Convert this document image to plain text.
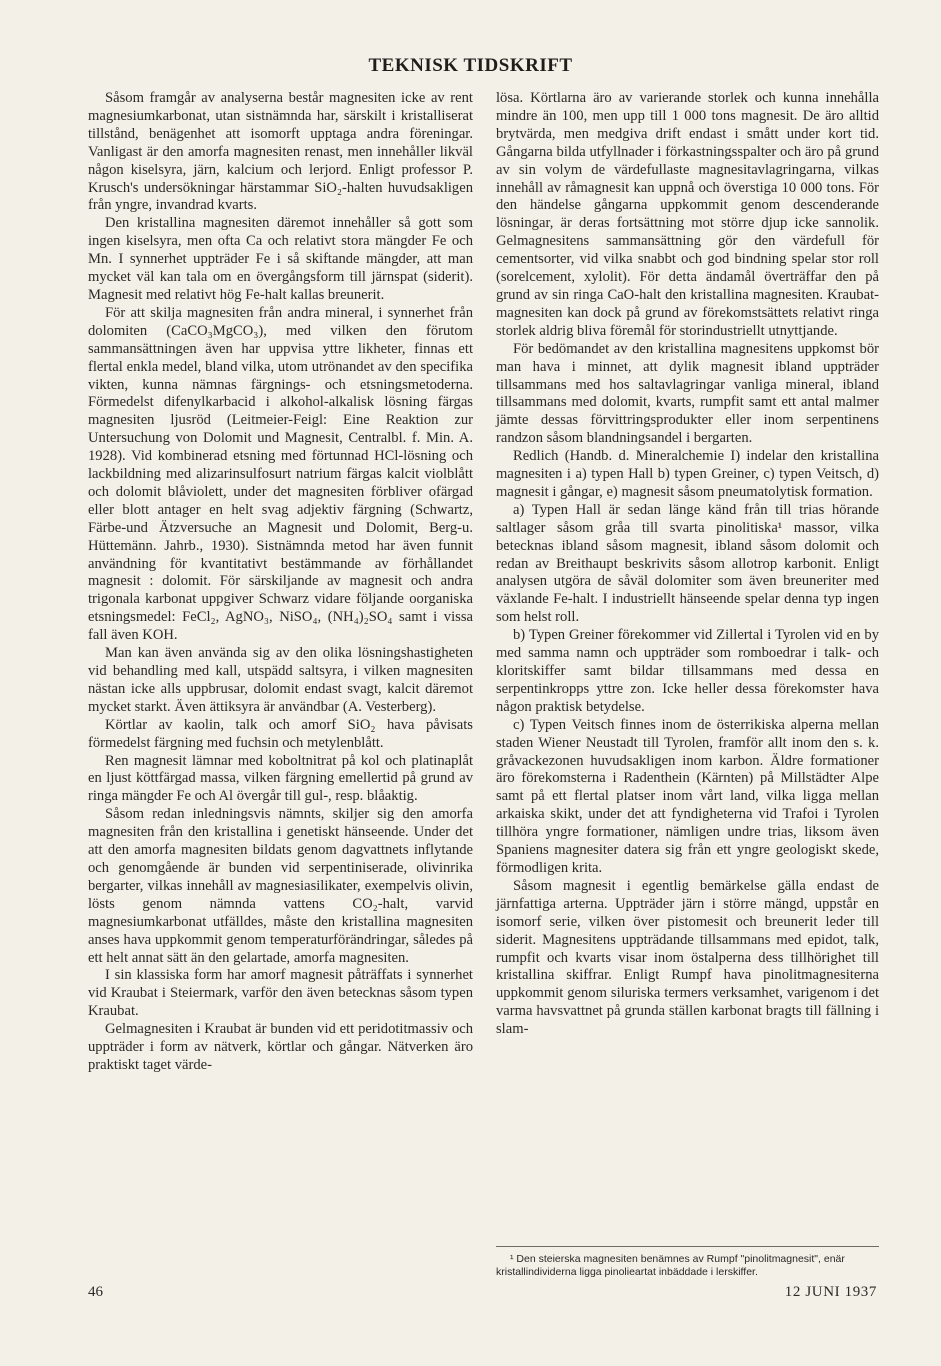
TEKNISK TIDSKRIFT

Såsom framgår av analyserna består magnesiten icke av rent magnesiumkarbonat, utan sistnämnda har, särskilt i kristalliserat tillstånd, benägenhet att isomorft upptaga andra föreningar. Vanligast är den amorfa magnesiten renast, men innehåller likväl någon kiselsyra, järn, kalcium och lerjord. Enligt professor P. Krusch's undersökningar härstammar SiO₂-halten huvudsakligen från yngre, invandrad kvarts.

Den kristallina magnesiten däremot innehåller så gott som ingen kiselsyra, men ofta Ca och relativt stora mängder Fe och Mn. I synnerhet uppträder Fe i så skiftande mängder, att man mycket väl kan tala om en övergångsform till järnspat (siderit). Magnesit med relativt hög Fe-halt kallas breunerit.

För att skilja magnesiten från andra mineral, i synnerhet från dolomiten (CaCO₃MgCO₃), med vilken den förutom sammansättningen även har uppvisa yttre likheter, finnas ett flertal enkla medel, bland vilka, utom utrönandet av den specifika vikten, kunna nämnas färgnings- och etsningsmetoderna. Förmedelst difenylkarbacid i alkohol-alkalisk lösning färgas magnesiten ljusröd (Leitmeier-Feigl: Eine Reaktion zur Untersuchung von Dolomit und Magnesit, Centralbl. f. Min. A. 1928). Vid kombinerad etsning med förtunnad HCl-lösning och lackbildning med alizarinsulfosurt natrium färgas kalcit violblått och dolomit blåviolett, under det magnesiten förbliver ofärgad eller blott antager en helt svag adjektiv färgning (Schwartz, Färbe-und Ätzversuche an Magnesit und Dolomit, Berg-u. Hüttemänn. Jahrb., 1930). Sistnämnda metod har även funnit användning för kvantitativt bestämmande av förhållandet magnesit : dolomit. För särskiljande av magnesit och andra trigonala karbonat uppgiver Schwarz vidare följande oorganiska etsningsmedel: FeCl₂, AgNO₃, NiSO₄, (NH₄)₂SO₄ samt i vissa fall även KOH.

Man kan även använda sig av den olika lösningshastigheten vid behandling med kall, utspädd saltsyra, i vilken magnesiten nästan icke alls uppbrusar, dolomit endast svagt, kalcit däremot mycket starkt. Även ättiksyra är användbar (A. Vesterberg).

Körtlar av kaolin, talk och amorf SiO₂ hava påvisats förmedelst färgning med fuchsin och metylenblått.

Ren magnesit lämnar med koboltnitrat på kol och platinaplåt en ljust köttfärgad massa, vilken färgning emellertid på grund av ringa mängder Fe och Al övergår till gul-, resp. blåaktig.

Såsom redan inledningsvis nämnts, skiljer sig den amorfa magnesiten från den kristallina i genetiskt hänseende. Under det att den amorfa magnesiten bildats genom dagvattnets inflytande och genomgående är bunden vid serpentiniserade, olivinrika bergarter, vilkas innehåll av magnesiasilikater, exempelvis olivin, lösts genom nämnda vattens CO₂-halt, varvid magnesiumkarbonat utfälldes, måste den kristallina magnesiten anses hava uppkommit genom temperaturförändringar, således på ett helt annat sätt än den gelartade, amorfa magnesiten.

I sin klassiska form har amorf magnesit påträffats i synnerhet vid Kraubat i Steiermark, varför den även betecknas såsom typen Kraubat.

Gelmagnesiten i Kraubat är bunden vid ett peridotitmassiv och uppträder i form av nätverk, körtlar och gångar. Nätverken äro praktiskt taget värde-

lösa. Körtlarna äro av varierande storlek och kunna innehålla mindre än 100, men upp till 1 000 tons magnesit. De äro alltid brytvärda, men medgiva drift endast i smått under kort tid. Gångarna bilda utfyllnader i förkastningsspalter och äro på grund av sin volym de värdefullaste magnesitavlagringarna, vilkas innehåll av råmagnesit kan uppnå och överstiga 10 000 tons. För den händelse gångarna uppkommit genom descenderande lösningar, är deras fortsättning mot större djup icke sannolik. Gelmagnesitens sammansättning gör den värdefull för cementsorter, vid vilka snabbt och god bindning spelar stor roll (sorelcement, xylolit). För detta ändamål överträffar den på grund av sin ringa CaO-halt den kristallina magnesiten. Kraubat-magnesiten kan dock på grund av förekomstsättets relativt ringa storlek aldrig bliva föremål för storindustriellt utnyttjande.

För bedömandet av den kristallina magnesitens uppkomst bör man hava i minnet, att dylik magnesit ibland uppträder tillsammans med hos saltavlagringar vanliga mineral, ibland tillsammans med dolomit, kvarts, rumpfit samt ett antal malmer jämte dessas förvittringsprodukter eller inom serpentinens randzon såsom blandningsandel i bergarten.

Redlich (Handb. d. Mineralchemie I) indelar den kristallina magnesiten i a) typen Hall b) typen Greiner, c) typen Veitsch, d) magnesit i gångar, e) magnesit såsom pneumatolytisk formation.

a) Typen Hall är sedan länge känd från till trias hörande saltlager såsom gråa till svarta pinolitiska¹ massor, vilka betecknas ibland såsom magnesit, ibland såsom dolomit och redan av Breithaupt beskrivits såsom allotrop karbonit. Enligt analysen utgöra de såväl dolomiter som även breuneriter med växlande Fe-halt. I industriellt hänseende spelar denna typ ingen som helst roll.

b) Typen Greiner förekommer vid Zillertal i Tyrolen vid en by med samma namn och uppträder som romboedrar i talk- och kloritskiffer samt bildar tillsammans med dessa en serpentinkropps yttre zon. Icke heller dessa förekomster hava någon praktisk betydelse.

c) Typen Veitsch finnes inom de österrikiska alperna mellan staden Wiener Neustadt till Tyrolen, framför allt inom den s. k. gråvackezonen huvudsakligen inom karbon. Äldre formationer äro förekomsterna i Radenthein (Kärnten) på Millstädter Alpe samt på ett flertal platser inom vårt land, vilka ligga mellan arkaiska skikt, under det att fyndigheterna vid Trafoi i Tyrolen tillhöra yngre formationer, nämligen undre trias, liksom även Spaniens magnesiter datera sig från ett yngre geologiskt skede, förmodligen krita.

Såsom magnesit i egentlig bemärkelse gälla endast de järnfattiga arterna. Uppträder järn i större mängd, uppstår en isomorf serie, vilken över pistomesit och breunerit leder till siderit. Magnesitens uppträdande tillsammans med epidot, talk, rumpfit och kvarts visar inom östalperna dess tillhörighet till kristallina skiffrar. Enligt Rumpf hava pinolitmagnesiterna uppkommit genom siluriska termers verksamhet, varigenom i det varma havsvattnet på grunda ställen karbonat bragts till fällning i slam-

¹ Den steierska magnesiten benämnes av Rumpf "pinolitmagnesit", enär kristallindividerna ligga pinolieartat inbäddade i lerskiffer.
46	12 JUNI 1937
